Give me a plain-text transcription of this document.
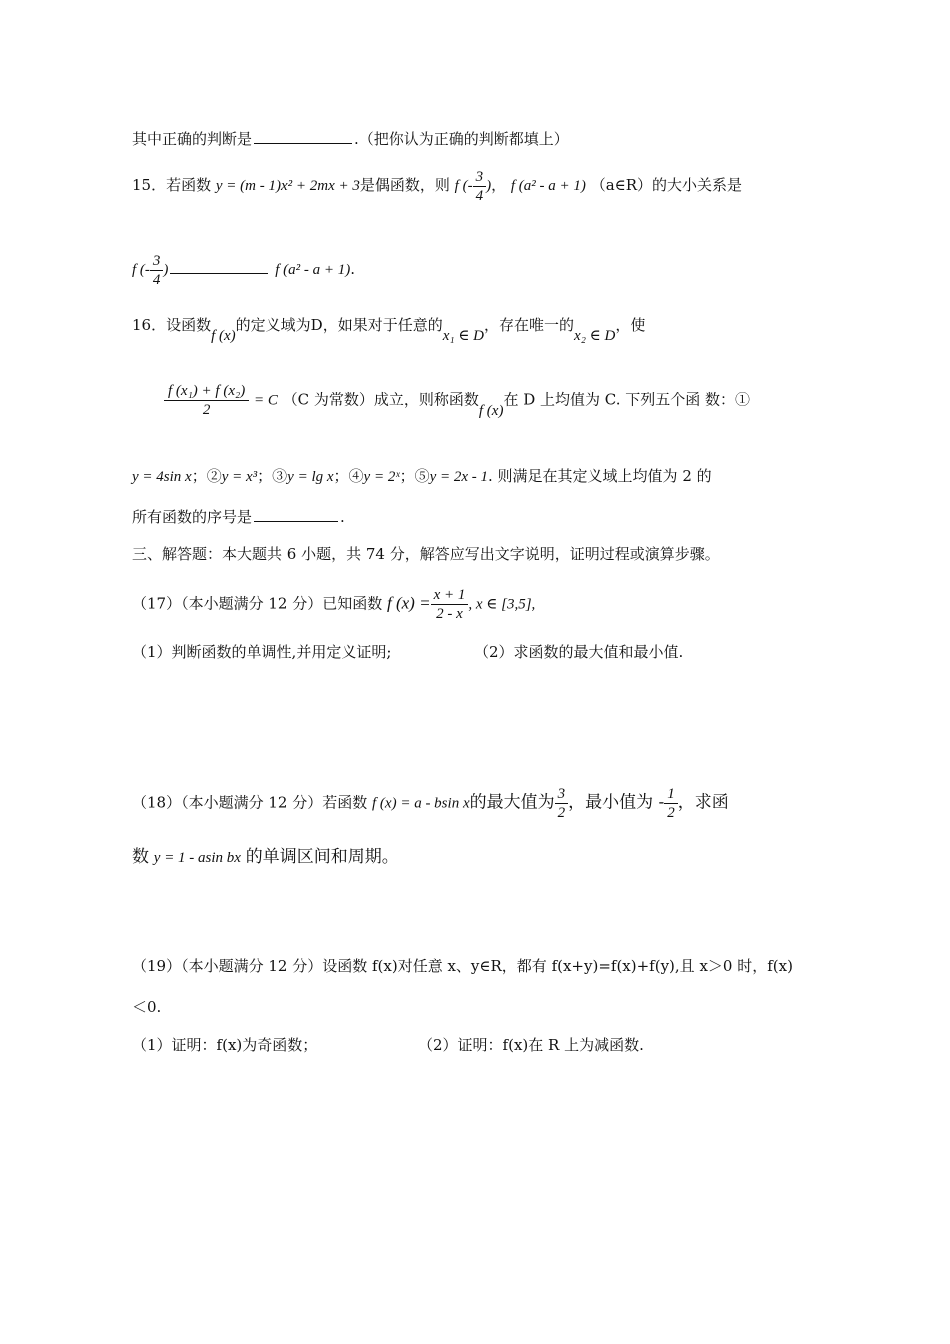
其中正确的判断是	.（把你认为正确的判断都填上）
15．若函数 y = (m - 1)x² + 2mx + 3是偶函数，则 f (- $\frac{3}{4}$ )， f (a² - a + 1) （a∈R）的大小关系是
f (- $\frac{3}{4}$ )	f (a² - a + 1).
16．设函数f (x)的定义域为D，如果对于任意的x₁ ∈ D，存在唯一的x₂ ∈ D，使
$\frac{\text{f (x₁) + f (x₂)}}{2} = C$ （C 为常数）成立，则称函数f (x)在 D 上均值为 C. 下列五个函 数：①
y = 4sin x；②y = x³；③y = lg x；④y = 2ˣ；⑤y = 2x - 1. 则满足在其定义域上均值为 2 的
所有函数的序号是	.
三、解答题：本大题共 6 小题，共 74 分，解答应写出文字说明，证明过程或演算步骤。
（17）（本小题满分 12 分）已知函数 f $(x) = \frac{x + 1}{2 - x}$ , x ∈ [3,5],
（1）判断函数的单调性,并用定义证明;	（2）求函数的最大值和最小值.
（18）（本小题满分 12 分）若函数 f (x) = a - bsin x的最大值为 $\frac{3}{2}$ ，最小值为 - $\frac{1}{2}$ ，求函
数 y = 1 - asin bx 的单调区间和周期。
（19）（本小题满分 12 分）设函数 f(x)对任意 x、y∈R，都有 f(x+y)=f(x)+f(y),且 x＞0 时，f(x)
＜0.
（1）证明：f(x)为奇函数；	（2）证明：f(x)在 R 上为减函数.
